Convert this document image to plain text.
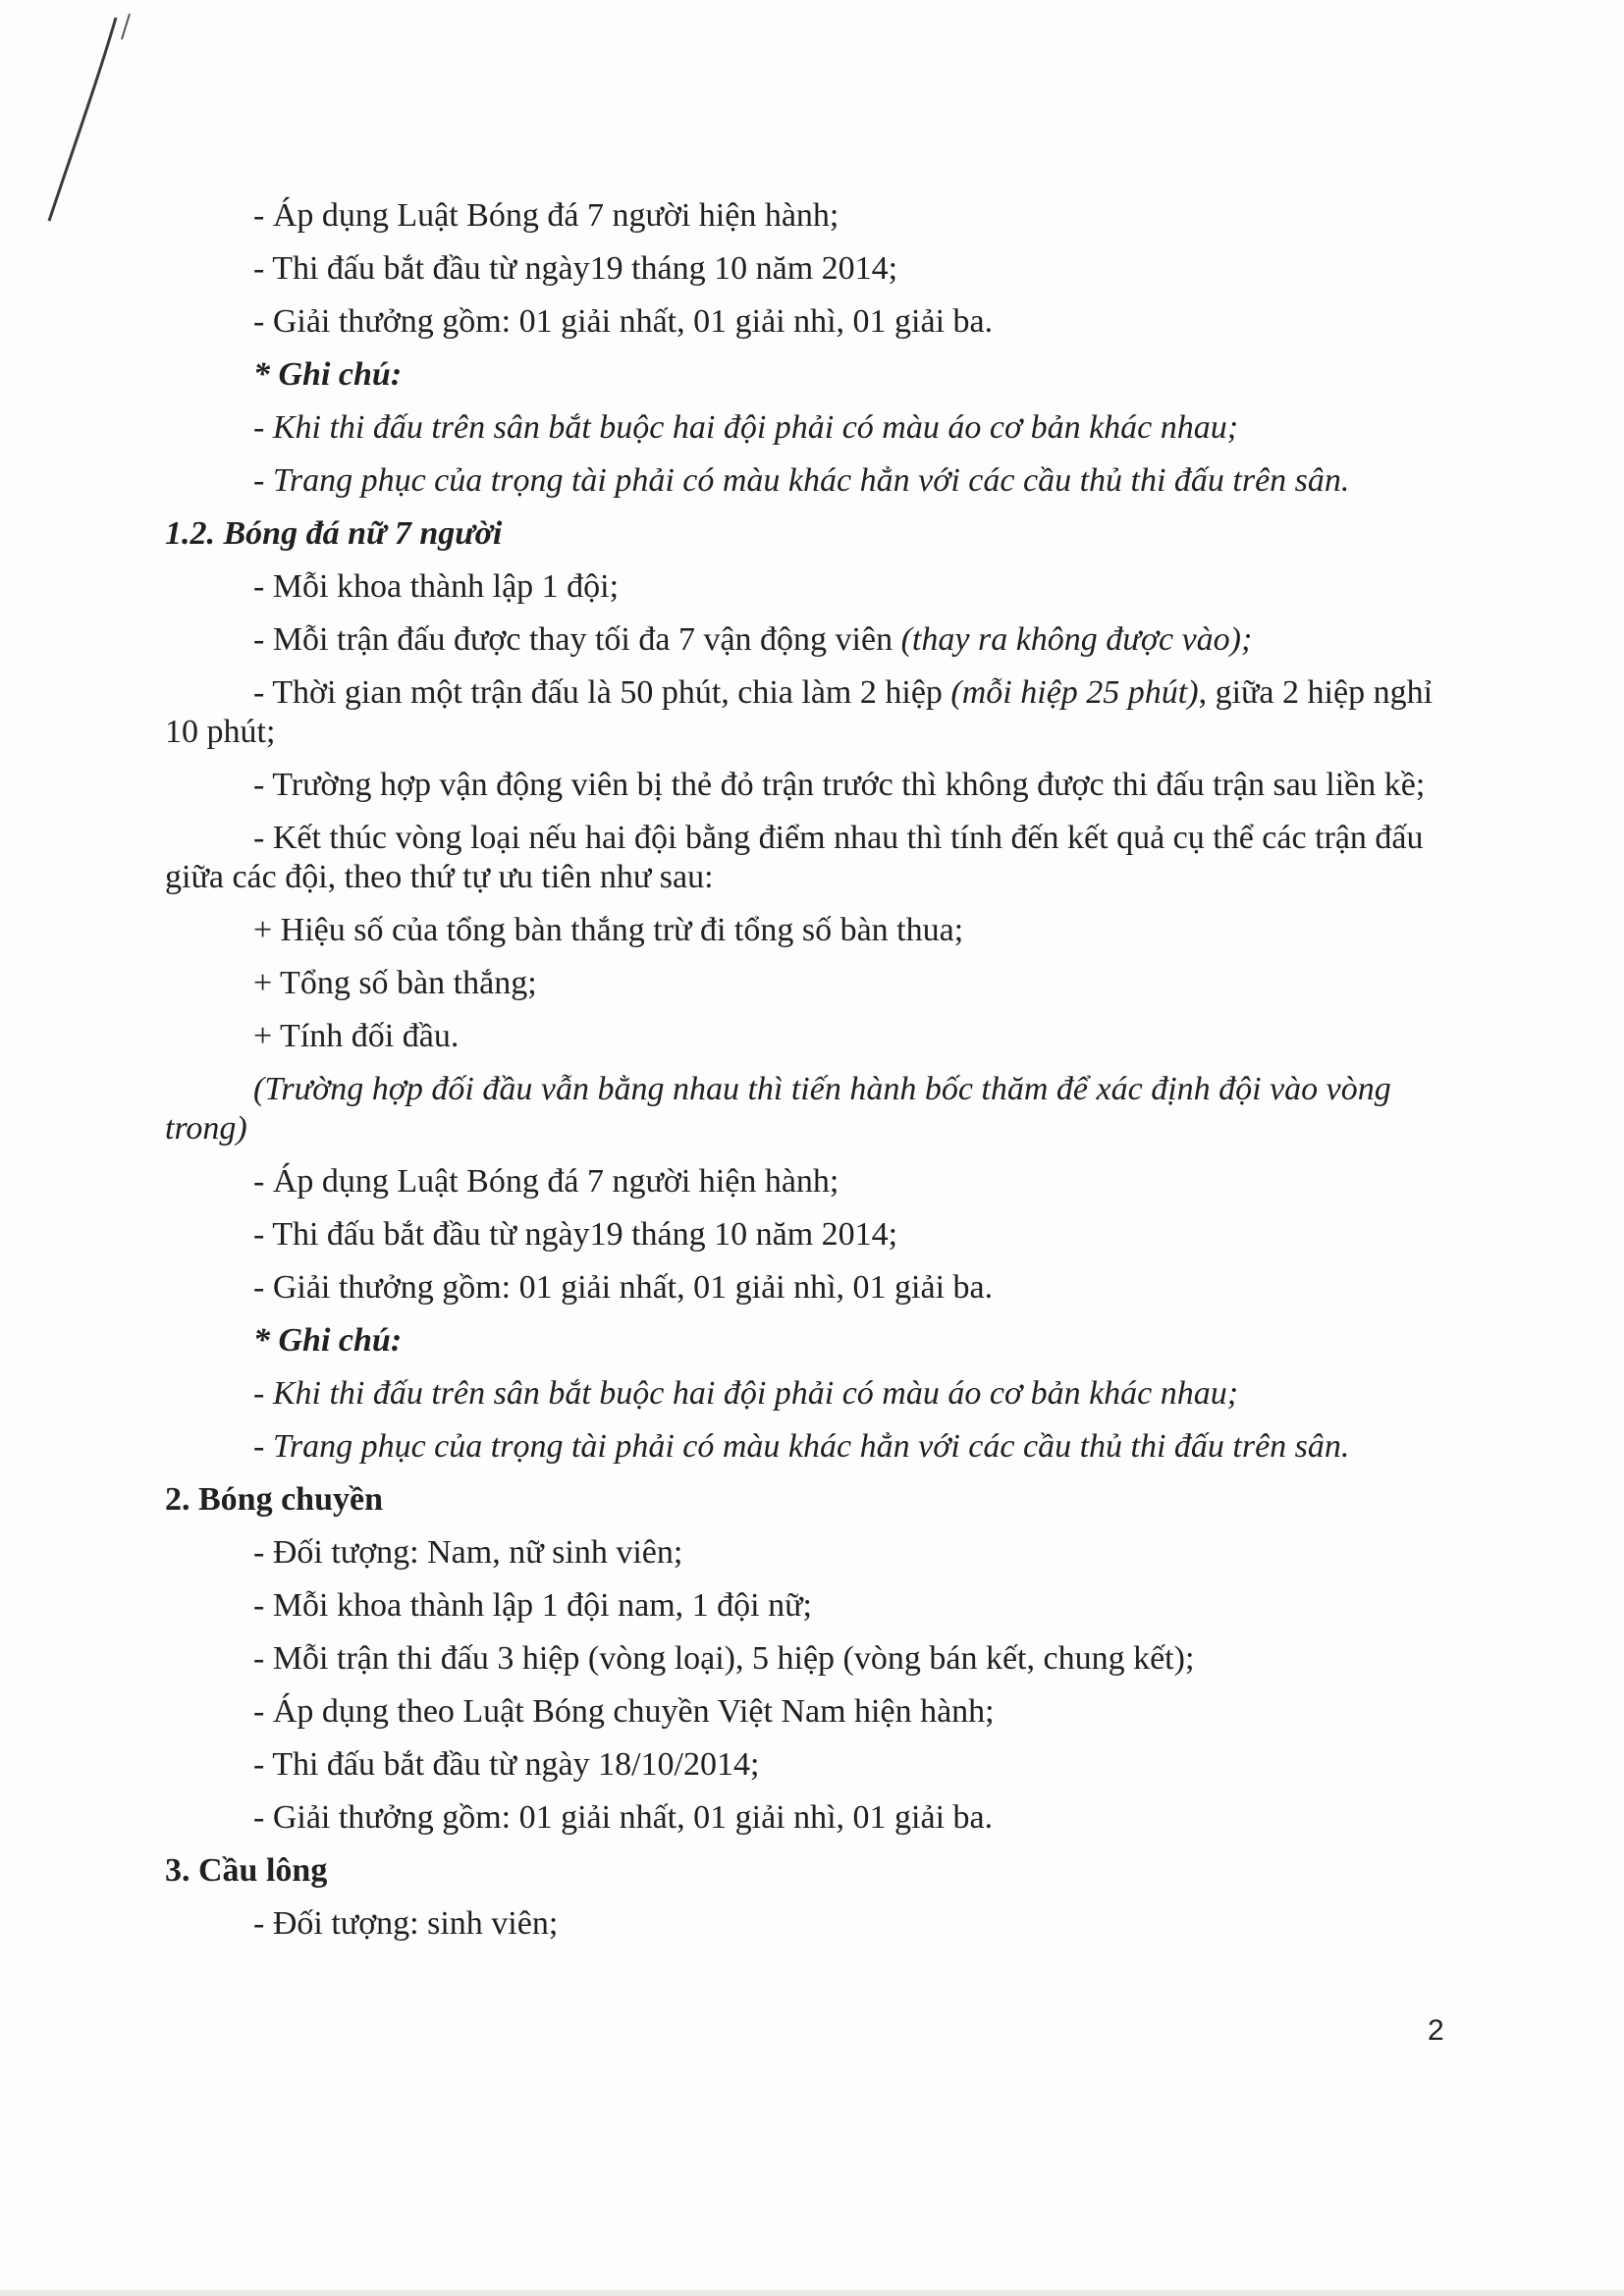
- Áp dụng Luật Bóng đá 7 người hiện hành;
- Thi đấu bắt đầu từ ngày19 tháng 10 năm 2014;
- Giải thưởng gồm: 01 giải nhất, 01 giải nhì, 01 giải ba.
* Ghi chú:
- Khi thi đấu trên sân bắt buộc hai đội phải có màu áo cơ bản khác nhau;
- Trang phục của trọng tài phải có màu khác hẳn với các cầu thủ thi đấu trên sân.
1.2. Bóng đá nữ 7 người
- Mỗi khoa thành lập 1 đội;
- Mỗi trận đấu được thay tối đa 7 vận động viên (thay ra không được vào);
- Thời gian một trận đấu là 50 phút, chia làm 2 hiệp (mỗi hiệp 25 phút), giữa 2 hiệp nghỉ 10 phút;
- Trường hợp vận động viên bị thẻ đỏ trận trước thì không được thi đấu trận sau liền kề;
- Kết thúc vòng loại nếu hai đội bằng điểm nhau thì tính đến kết quả cụ thể các trận đấu giữa các đội, theo thứ tự ưu tiên như sau:
+ Hiệu số của tổng bàn thắng trừ đi tổng số bàn thua;
+ Tổng số bàn thắng;
+ Tính đối đầu.
(Trường hợp đối đầu vẫn bằng nhau thì tiến hành bốc thăm để xác định đội vào vòng trong)
- Áp dụng Luật Bóng đá 7 người hiện hành;
- Thi đấu bắt đầu từ ngày19 tháng 10 năm 2014;
- Giải thưởng gồm: 01 giải nhất, 01 giải nhì, 01 giải ba.
* Ghi chú:
- Khi thi đấu trên sân bắt buộc hai đội phải có màu áo cơ bản khác nhau;
- Trang phục của trọng tài phải có màu khác hẳn với các cầu thủ thi đấu trên sân.
2. Bóng chuyền
- Đối tượng: Nam, nữ sinh viên;
- Mỗi khoa thành lập 1 đội nam, 1 đội nữ;
- Mỗi trận thi đấu 3 hiệp (vòng loại), 5 hiệp (vòng bán kết, chung kết);
- Áp dụng theo Luật Bóng chuyền Việt Nam hiện hành;
- Thi đấu bắt đầu từ ngày 18/10/2014;
- Giải thưởng gồm: 01 giải nhất, 01 giải nhì, 01 giải ba.
3. Cầu lông
- Đối tượng: sinh viên;
2
